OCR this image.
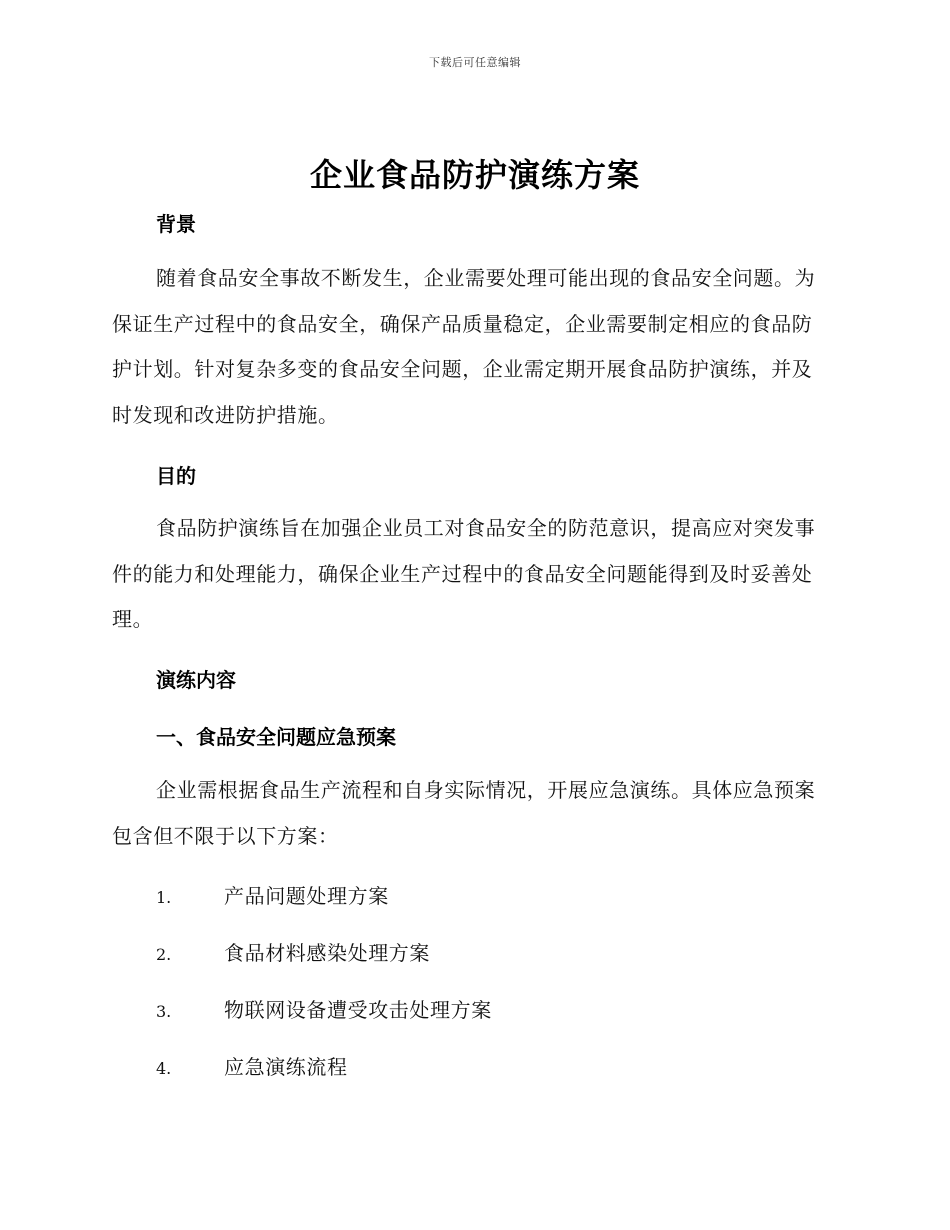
下载后可任意编辑
企业食品防护演练方案
背景
随着食品安全事故不断发生，企业需要处理可能出现的食品安全问题。为保证生产过程中的食品安全，确保产品质量稳定，企业需要制定相应的食品防护计划。针对复杂多变的食品安全问题，企业需定期开展食品防护演练，并及时发现和改进防护措施。
目的
食品防护演练旨在加强企业员工对食品安全的防范意识，提高应对突发事件的能力和处理能力，确保企业生产过程中的食品安全问题能得到及时妥善处理。
演练内容
一、食品安全问题应急预案
企业需根据食品生产流程和自身实际情况，开展应急演练。具体应急预案包含但不限于以下方案：
1.	产品问题处理方案
2.	食品材料感染处理方案
3.	物联网设备遭受攻击处理方案
4.	应急演练流程
